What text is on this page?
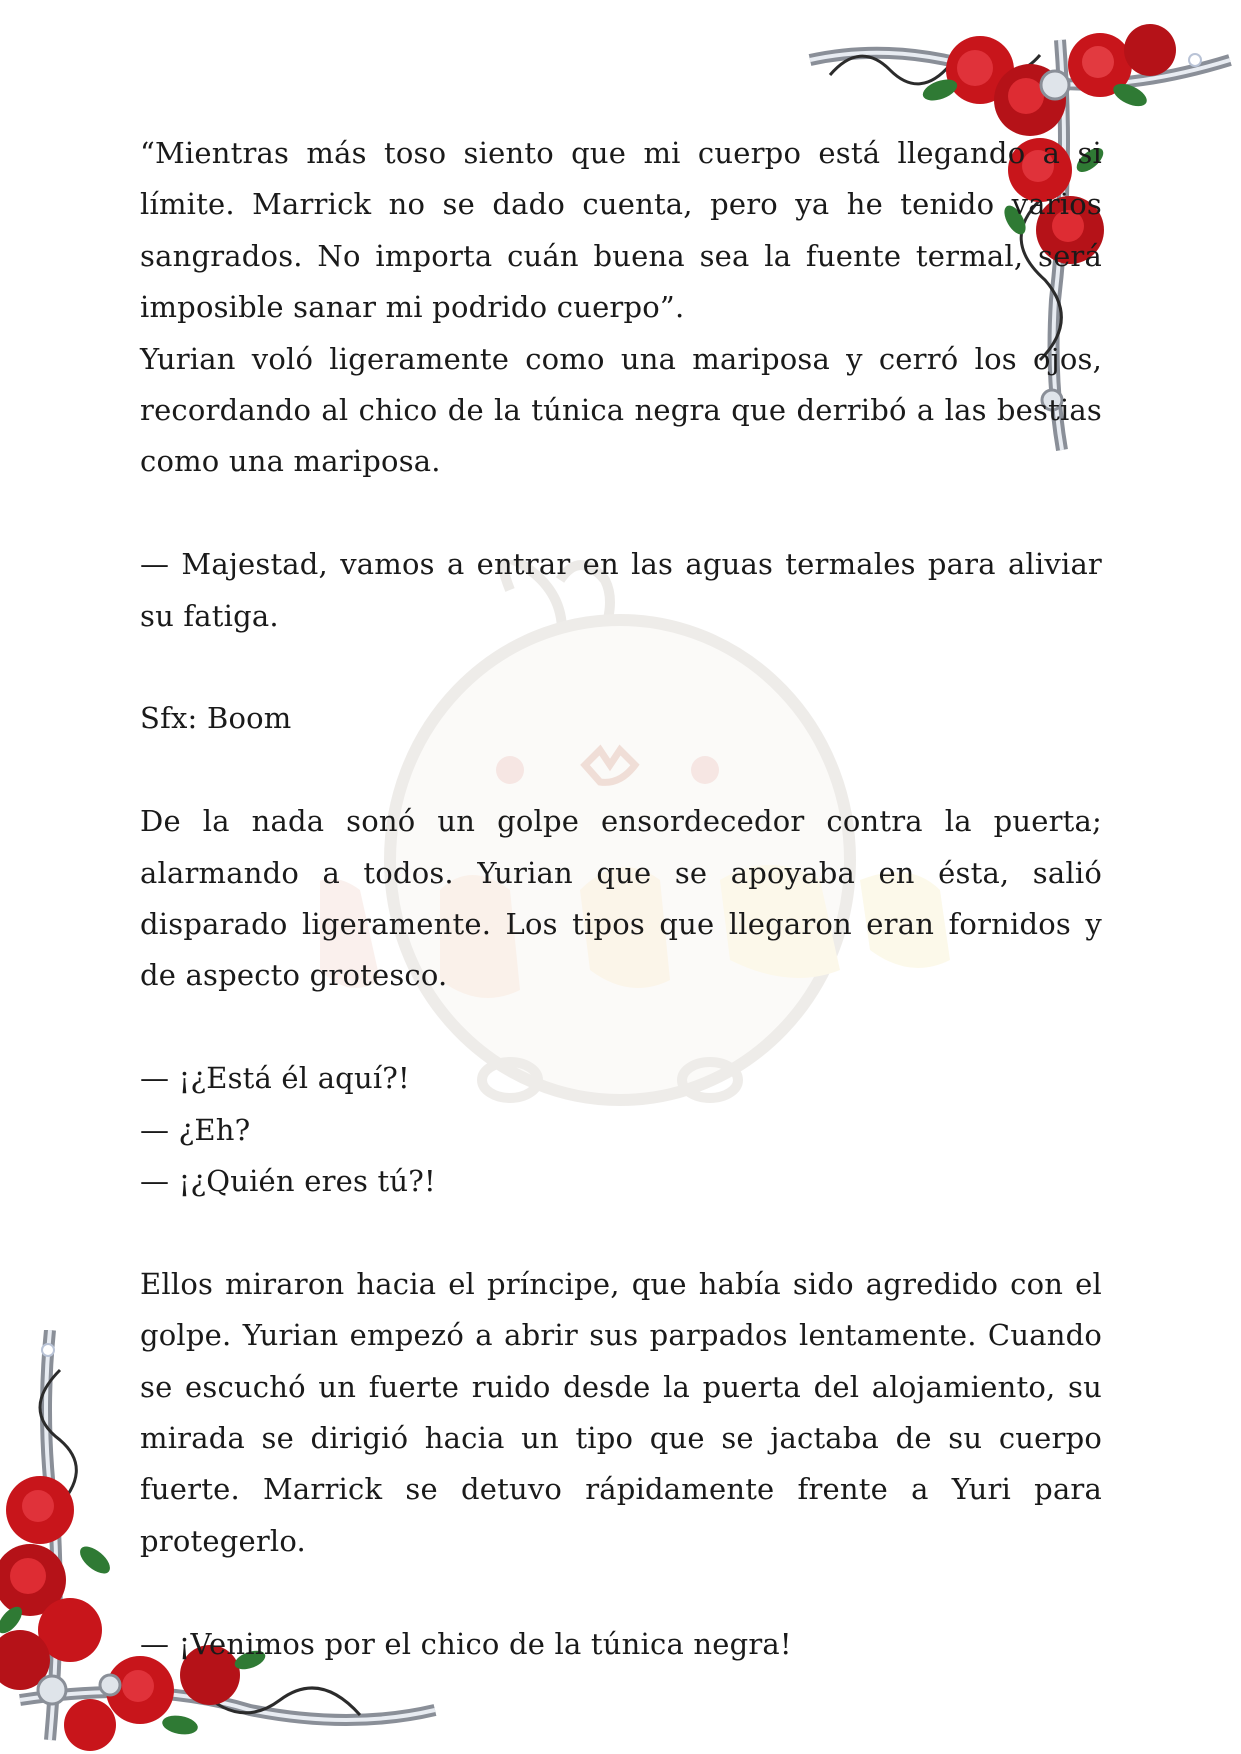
“Mientras más toso siento que mi cuerpo está llegando a si límite. Marrick no se dado cuenta, pero ya he tenido varios sangrados. No importa cuán buena sea la fuente termal, será imposible sanar mi podrido cuerpo”.

Yurian voló ligeramente como una mariposa y cerró los ojos, recordando al chico de la túnica negra que derribó a las bestias como una mariposa.

— Majestad, vamos a entrar en las aguas termales para aliviar su fatiga.

Sfx: Boom

De la nada sonó un golpe ensordecedor contra la puerta; alarmando a todos. Yurian que se apoyaba en ésta, salió disparado ligeramente. Los tipos que llegaron eran fornidos y de aspecto grotesco.

— ¡¿Está él aquí?!

— ¿Eh?

— ¡¿Quién eres tú?!

Ellos miraron hacia el príncipe, que había sido agredido con el golpe. Yurian empezó a abrir sus parpados lentamente. Cuando se escuchó un fuerte ruido desde la puerta del alojamiento, su mirada se dirigió hacia un tipo que se jactaba de su cuerpo fuerte. Marrick se detuvo rápidamente frente a Yuri para protegerlo.

— ¡Venimos por el chico de la túnica negra!
